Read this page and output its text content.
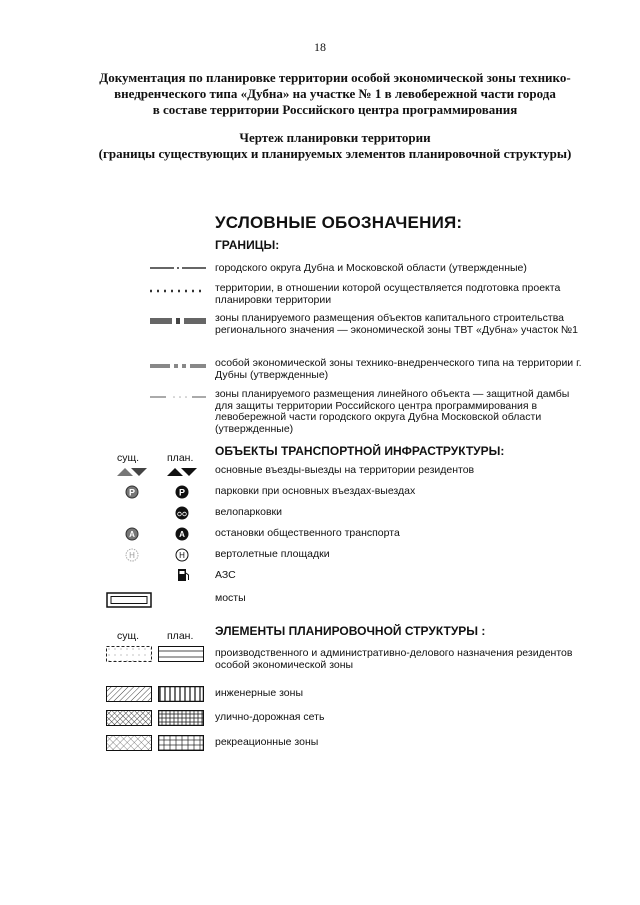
18
Документация по планировке территории особой экономической зоны технико-
внедренческого типа «Дубна» на участке № 1 в левобережной части города
в составе территории Российского центра программирования
Чертеж планировки территории
(границы существующих и планируемых элементов планировочной структуры)
УСЛОВНЫЕ ОБОЗНАЧЕНИЯ:
ГРАНИЦЫ:
городского округа Дубна и Московской области (утвержденные)
территории, в отношении которой осуществляется подготовка проекта планировки территории
зоны планируемого размещения объектов капитального строительства регионального значения — экономической зоны ТВТ «Дубна» участок №1
особой экономической зоны технико-внедренческого типа на территории г. Дубны (утвержденные)
зоны планируемого размещения линейного объекта — защитной дамбы для защиты территории Российского центра программирования в левобережной части городского округа Дубна Московской области (утвержденные)
сущ.	план. ОБЪЕКТЫ ТРАНСПОРТНОЙ ИНФРАСТРУКТУРЫ:
основные въезды-выезды на территории резидентов
P	P	парковки при основных въездах-выездах
велопарковки
A	A	остановки общественного транспорта
H	H	вертолетные площадки
АЗС
мосты
сущ.	план. ЭЛЕМЕНТЫ ПЛАНИРОВОЧНОЙ СТРУКТУРЫ :
производственного и административно-делового назначения резидентов особой экономической зоны
инженерные зоны
улично-дорожная сеть
рекреационные зоны
